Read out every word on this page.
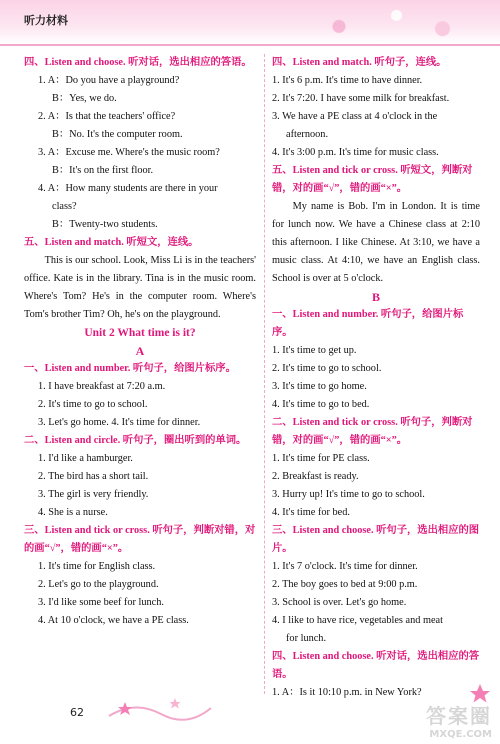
听力材料
四、Listen and choose. 听对话，选出相应的答语。
1. A：Do you have a playground?
B：Yes, we do.
2. A：Is that the teachers' office?
B：No. It's the computer room.
3. A：Excuse me. Where's the music room?
B：It's on the first floor.
4. A：How many students are there in your
class?
B：Twenty-two students.
五、Listen and match. 听短文，连线。
This is our school. Look, Miss Li is in the teachers' office. Kate is in the library. Tina is in the music room. Where's Tom? He's in the computer room. Where's Tom's brother Tim? Oh, he's on the playground.
Unit 2 What time is it?
A
一、Listen and number. 听句子，给图片标序。
1. I have breakfast at 7:20 a.m.
2. It's time to go to school.
3. Let's go home. 4. It's time for dinner.
二、Listen and circle. 听句子，圈出听到的单词。
1. I'd like a hamburger.
2. The bird has a short tail.
3. The girl is very friendly.
4. She is a nurse.
三、Listen and tick or cross. 听句子，判断对错，对的画“√”，错的画“×”。
1. It's time for English class.
2. Let's go to the playground.
3. I'd like some beef for lunch.
4. At 10 o'clock, we have a PE class.
四、Listen and match. 听句子，连线。
1. It's 6 p.m. It's time to have dinner.
2. It's 7:20. I have some milk for breakfast.
3. We have a PE class at 4 o'clock in the
afternoon.
4. It's 3:00 p.m. It's time for music class.
五、Listen and tick or cross. 听短文，判断对错，对的画“√”，错的画“×”。
My name is Bob. I'm in London. It is time for lunch now. We have a Chinese class at 2:10 this afternoon. I like Chinese. At 3:10, we have a music class. At 4:10, we have an English class. School is over at 5 o'clock.
B
一、Listen and number. 听句子，给图片标序。
1. It's time to get up.
2. It's time to go to school.
3. It's time to go home.
4. It's time to go to bed.
二、Listen and tick or cross. 听句子，判断对错，对的画“√”，错的画“×”。
1. It's time for PE class.
2. Breakfast is ready.
3. Hurry up! It's time to go to school.
4. It's time for bed.
三、Listen and choose. 听句子，选出相应的图片。
1. It's 7 o'clock. It's time for dinner.
2. The boy goes to bed at 9:00 p.m.
3. School is over. Let's go home.
4. I like to have rice, vegetables and meat
for lunch.
四、Listen and choose. 听对话，选出相应的答语。
1. A：Is it 10:10 p.m. in New York?
62	答案圈
MXQE.COM
